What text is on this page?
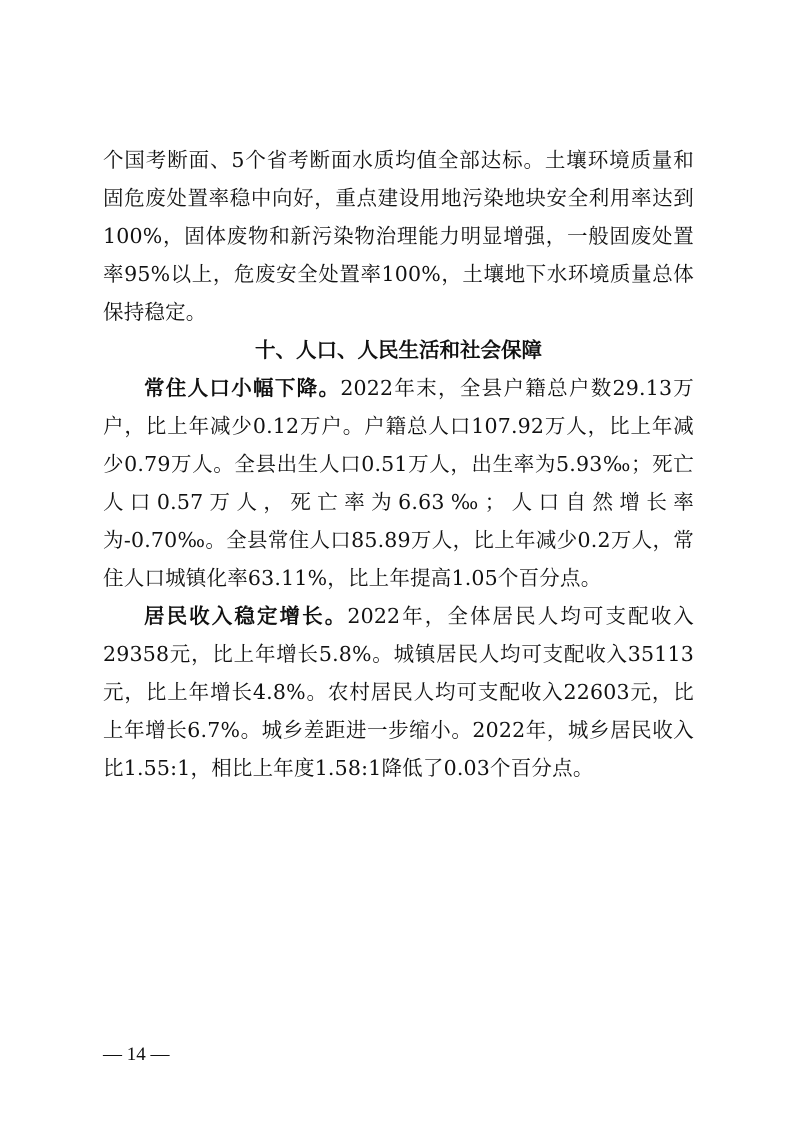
个国考断面、5个省考断面水质均值全部达标。土壤环境质量和固危废处置率稳中向好，重点建设用地污染地块安全利用率达到100%，固体废物和新污染物治理能力明显增强，一般固废处置率95%以上，危废安全处置率100%，土壤地下水环境质量总体保持稳定。

十、人口、人民生活和社会保障

常住人口小幅下降。2022年末，全县户籍总户数29.13万户，比上年减少0.12万户。户籍总人口107.92万人，比上年减少0.79万人。全县出生人口0.51万人，出生率为5.93‰；死亡人口0.57万人，死亡率为6.63‰；人口自然增长率为-0.70‰。全县常住人口85.89万人，比上年减少0.2万人，常住人口城镇化率63.11%，比上年提高1.05个百分点。

居民收入稳定增长。2022年，全体居民人均可支配收入29358元，比上年增长5.8%。城镇居民人均可支配收入35113元，比上年增长4.8%。农村居民人均可支配收入22603元，比上年增长6.7%。城乡差距进一步缩小。2022年，城乡居民收入比1.55:1，相比上年度1.58:1降低了0.03个百分点。

— 14 —
